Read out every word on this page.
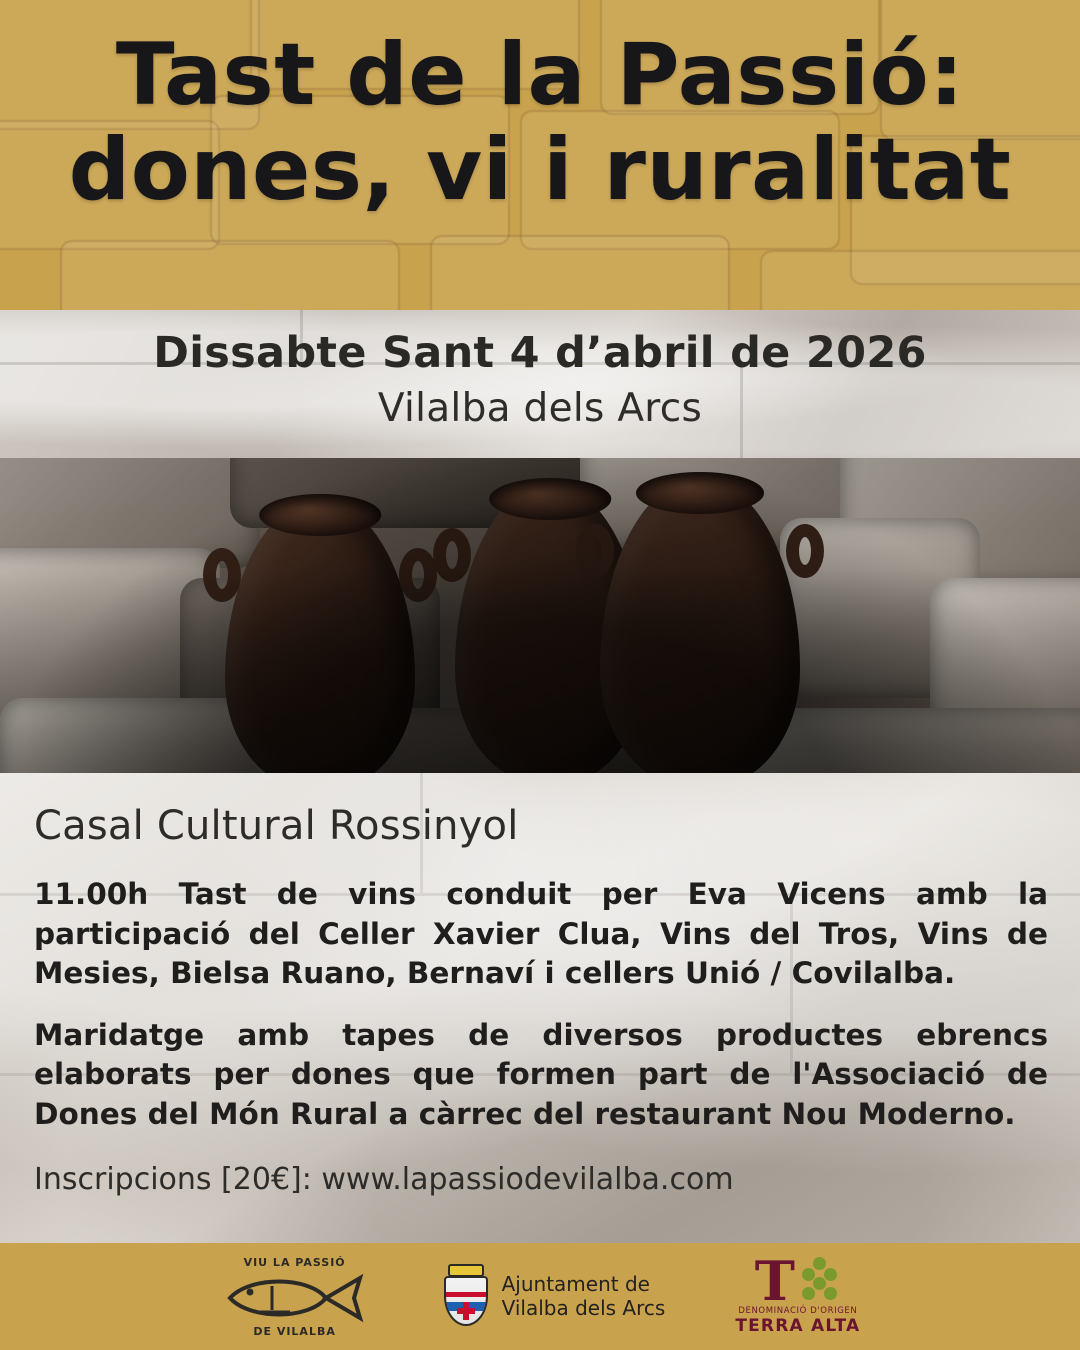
Tast de la Passió:
dones, vi i ruralitat
Dissabte Sant 4 d’abril de 2026
Vilalba dels Arcs
Casal Cultural Rossinyol
11.00h Tast de vins conduit per Eva Vicens amb la participació del Celler Xavier Clua, Vins del Tros, Vins de Mesies, Bielsa Ruano, Bernaví i cellers Unió / Covilalba.
Maridatge amb tapes de diversos productes ebrencs elaborats per dones que formen part de l'Associació de Dones del Món Rural a càrrec del restaurant Nou Moderno.
Inscripcions [20€]: www.lapassiodevilalba.com
VIU LA PASSIÓ
DE VILALBA
Ajuntament de
Vilalba dels Arcs T
DENOMINACIÓ D'ORIGEN
TERRA ALTA
